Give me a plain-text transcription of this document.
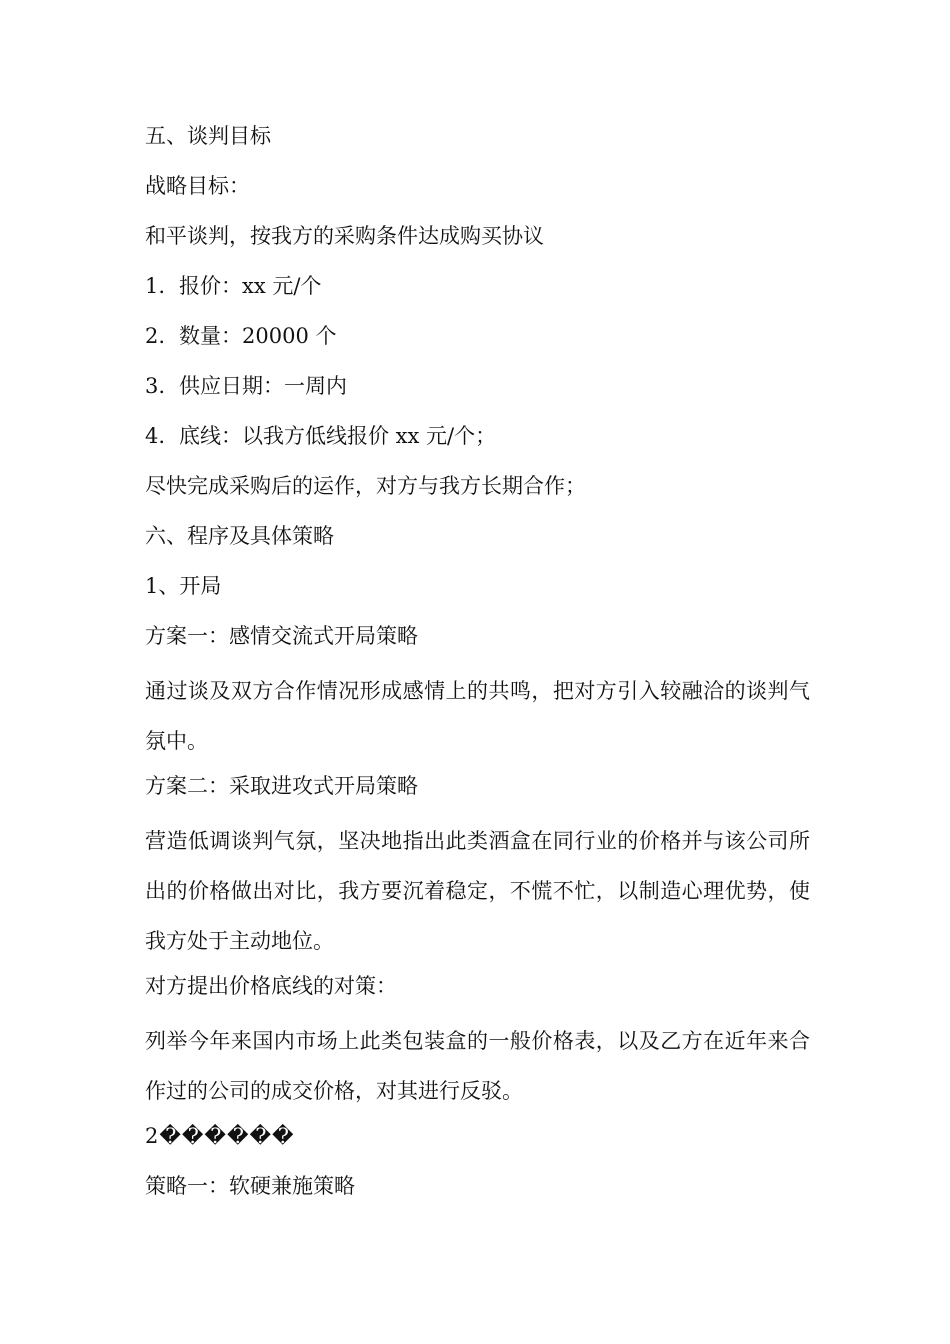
五、谈判目标
战略目标：
和平谈判，按我方的采购条件达成购买协议
1. 报价：xx 元/个
2. 数量：20000 个
3. 供应日期：一周内
4. 底线：以我方低线报价 xx 元/个；
尽快完成采购后的运作，对方与我方长期合作；
六、程序及具体策略
1、开局
方案一：感情交流式开局策略
通过谈及双方合作情况形成感情上的共鸣，把对方引入较融洽的谈判气氛中。
方案二：采取进攻式开局策略
营造低调谈判气氛，坚决地指出此类酒盒在同行业的价格并与该公司所出的价格做出对比，我方要沉着稳定，不慌不忙，以制造心理优势，使我方处于主动地位。
对方提出价格底线的对策：
列举今年来国内市场上此类包装盒的一般价格表，以及乙方在近年来合作过的公司的成交价格，对其进行反驳。
2������
策略一：软硬兼施策略
